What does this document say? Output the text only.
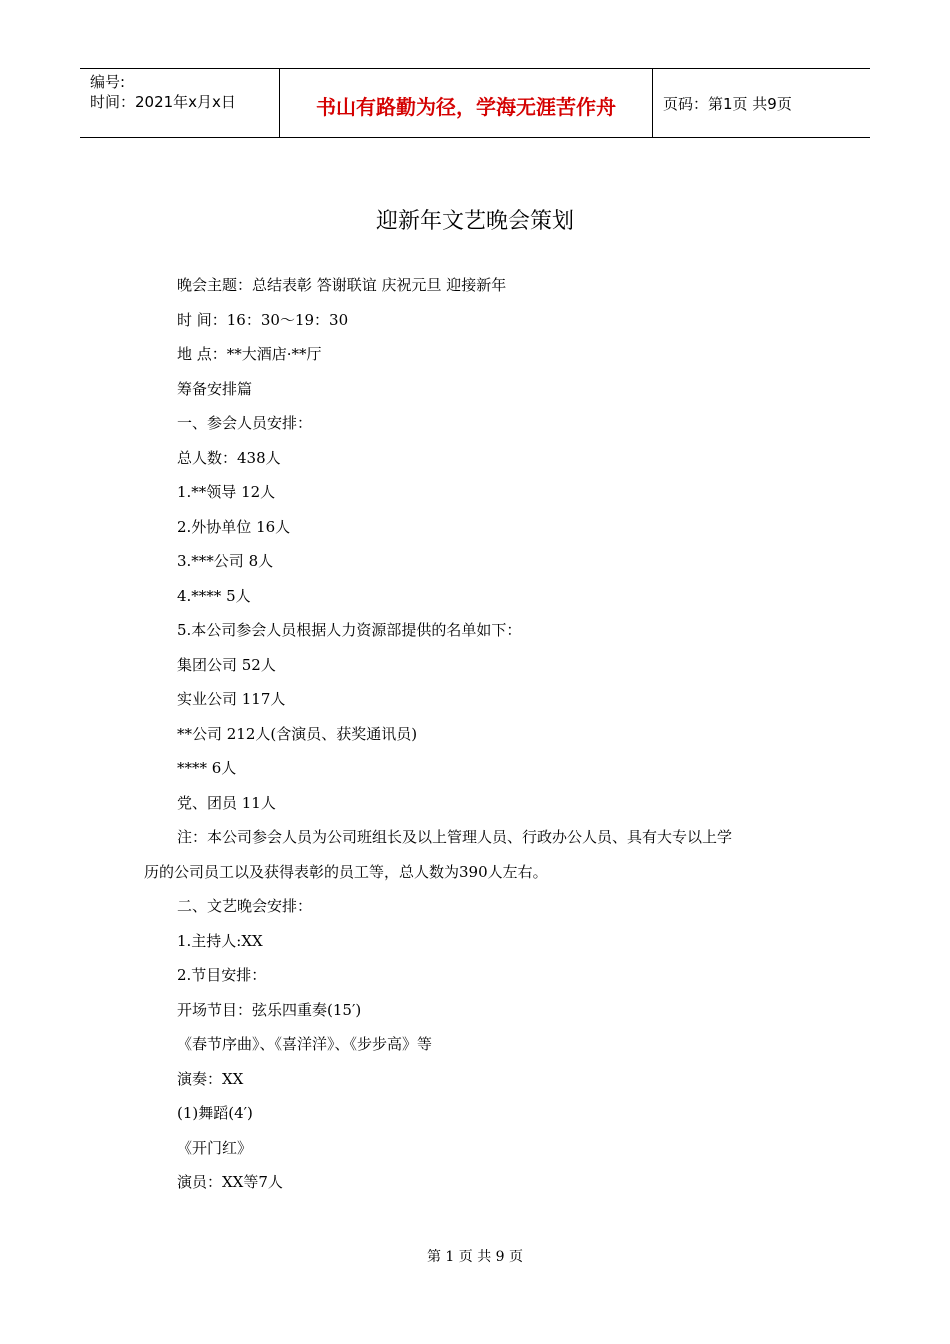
编号:
时间：2021年x月x日	书山有路勤为径，学海无涯苦作舟	页码：第1页 共9页
迎新年文艺晚会策划
晚会主题：总结表彰 答谢联谊 庆祝元旦 迎接新年
时 间：16：30～19：30
地 点：**大酒店·**厅
筹备安排篇
一、参会人员安排：
总人数：438人
1.**领导 12人
2.外协单位 16人
3.***公司 8人
4.**** 5人
5.本公司参会人员根据人力资源部提供的名单如下：
集团公司 52人
实业公司 117人
**公司 212人(含演员、获奖通讯员)
**** 6人
党、团员 11人
注：本公司参会人员为公司班组长及以上管理人员、行政办公人员、具有大专以上学
历的公司员工以及获得表彰的员工等，总人数为390人左右。
二、文艺晚会安排：
1.主持人:XX
2.节目安排：
开场节目：弦乐四重奏(15′)
《春节序曲》、《喜洋洋》、《步步高》等
演奏：XX
(1)舞蹈(4′)
《开门红》
演员：XX等7人
第 1 页 共 9 页
